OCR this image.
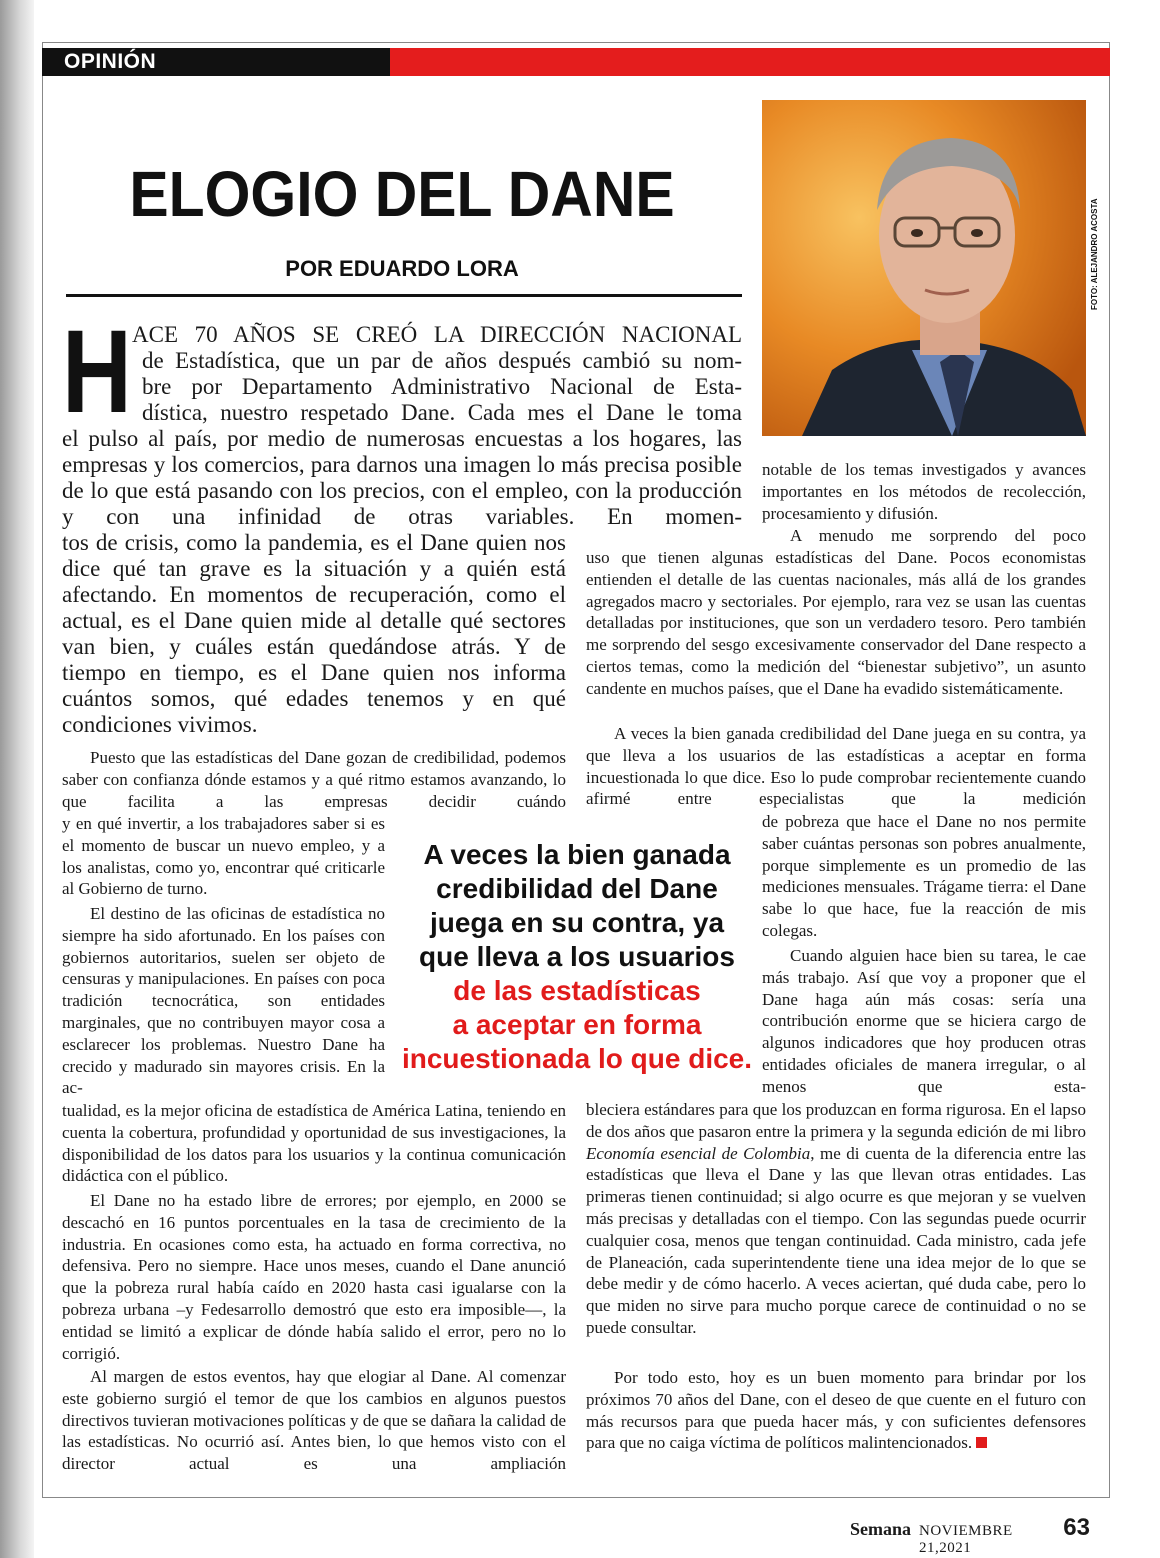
OPINIÓN
ELOGIO DEL DANE
POR EDUARDO LORA	FOTO: ALEJANDRO ACOSTA
H ACE 70 AÑOS SE CREÓ LA DIRECCIÓN NACIONAL
de Estadística, que un par de años después cambió su nom-
bre por Departamento Administrativo Nacional de Esta-
dística, nuestro respetado Dane. Cada mes el Dane le toma

el pulso al país, por medio de numerosas encuestas a los hogares, las empresas y los comercios, para darnos una imagen lo más precisa posible de lo que está pasando con los precios, con el empleo, con la producción y con una infinidad de otras variables. En momen-

tos de crisis, como la pandemia, es el Dane quien nos dice qué tan grave es la situación y a quién está afectando. En momentos de recuperación, como el actual, es el Dane quien mide al detalle qué sectores van bien, y cuáles están quedándose atrás. Y de tiempo en tiempo, es el Dane quien nos informa cuántos somos, qué edades tenemos y en qué condiciones vivimos.

Puesto que las estadísticas del Dane gozan de credibilidad, podemos saber con confianza dónde estamos y a qué ritmo estamos avanzando, lo que facilita a las empresas decidir cuándo

y en qué invertir, a los trabajadores saber si es el momento de buscar un nuevo empleo, y a los analistas, como yo, encontrar qué criticarle al Gobierno de turno.

El destino de las oficinas de estadística no siempre ha sido afortunado. En los países con gobiernos autoritarios, suelen ser objeto de censuras y manipulaciones. En países con poca tradición tecnocrática, son entidades marginales, que no contribuyen mayor cosa a esclarecer los problemas. Nuestro Dane ha crecido y madurado sin mayores crisis. En la ac-

tualidad, es la mejor oficina de estadística de América Latina, teniendo en cuenta la cobertura, profundidad y oportunidad de sus investigaciones, la disponibilidad de los datos para los usuarios y la continua comunicación didáctica con el público.

El Dane no ha estado libre de errores; por ejemplo, en 2000 se descachó en 16 puntos porcentuales en la tasa de crecimiento de la industria. En ocasiones como esta, ha actuado en forma correctiva, no defensiva. Pero no siempre. Hace unos meses, cuando el Dane anunció que la pobreza rural había caído en 2020 hasta casi igualarse con la pobreza urbana –y Fedesarrollo demostró que esto era imposible—, la entidad se limitó a explicar de dónde había salido el error, pero no lo corrigió.

Al margen de estos eventos, hay que elogiar al Dane. Al comenzar este gobierno surgió el temor de que los cambios en algunos puestos directivos tuvieran motivaciones políticas y de que se dañara la calidad de las estadísticas. No ocurrió así. Antes bien, lo que hemos visto con el director actual es una ampliación

A veces la bien ganada
credibilidad del Dane
juega en su contra, ya
que lleva a los usuarios
de las estadísticas
a aceptar en forma
incuestionada lo que dice.

notable de los temas investigados y avances importantes en los métodos de recolección, procesamiento y difusión.

A menudo me sorprendo del poco

uso que tienen algunas estadísticas del Dane. Pocos economistas entienden el detalle de las cuentas nacionales, más allá de los grandes agregados macro y sectoriales. Por ejemplo, rara vez se usan las cuentas detalladas por instituciones, que son un verdadero tesoro. Pero también me sorprendo del sesgo excesivamente conservador del Dane respecto a ciertos temas, como la medición del “bienestar subjetivo”, un asunto candente en muchos países, que el Dane ha evadido sistemáticamente.

A veces la bien ganada credibilidad del Dane juega en su contra, ya que lleva a los usuarios de las estadísticas a aceptar en forma incuestionada lo que dice. Eso lo pude comprobar recientemente cuando afirmé entre especialistas que la medición

de pobreza que hace el Dane no nos permite saber cuántas personas son pobres anualmente, porque simplemente es un promedio de las mediciones mensuales. Trágame tierra: el Dane sabe lo que hace, fue la reacción de mis colegas.

Cuando alguien hace bien su tarea, le cae más trabajo. Así que voy a proponer que el Dane haga aún más cosas: sería una contribución enorme que se hiciera cargo de algunos indicadores que hoy producen otras entidades oficiales de manera irregular, o al menos que esta-

bleciera estándares para que los produzcan en forma rigurosa. En el lapso de dos años que pasaron entre la primera y la segunda edición de mi libro Economía esencial de Colombia, me di cuenta de la diferencia entre las estadísticas que lleva el Dane y las que llevan otras entidades. Las primeras tienen continuidad; si algo ocurre es que mejoran y se vuelven más precisas y detalladas con el tiempo. Con las segundas puede ocurrir cualquier cosa, menos que tengan continuidad. Cada ministro, cada jefe de Planeación, cada superintendente tiene una idea mejor de lo que se debe medir y de cómo hacerlo. A veces aciertan, qué duda cabe, pero lo que miden no sirve para mucho porque carece de continuidad o no se puede consultar.

Por todo esto, hoy es un buen momento para brindar por los próximos 70 años del Dane, con el deseo de que cuente en el futuro con más recursos para que pueda hacer más, y con suficientes defensores para que no caiga víctima de políticos malintencionados.

Semana NOVIEMBRE 21,2021
63
